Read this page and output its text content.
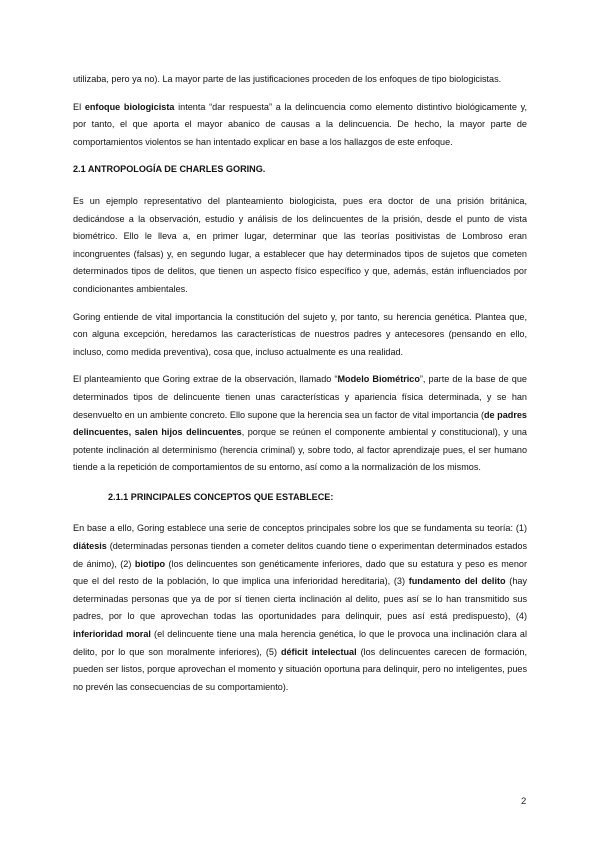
utilizaba, pero ya no). La mayor parte de las justificaciones proceden de los enfoques de tipo biologicistas.

El enfoque biologicista intenta “dar respuesta” a la delincuencia como elemento distintivo biológicamente y, por tanto, el que aporta el mayor abanico de causas a la delincuencia. De hecho, la mayor parte de comportamientos violentos se han intentado explicar en base a los hallazgos de este enfoque.

2.1 ANTROPOLOGÍA DE CHARLES GORING.

Es un ejemplo representativo del planteamiento biologicista, pues era doctor de una prisión británica, dedicándose a la observación, estudio y análisis de los delincuentes de la prisión, desde el punto de vista biométrico. Ello le lleva a, en primer lugar, determinar que las teorías positivistas de Lombroso eran incongruentes (falsas) y, en segundo lugar, a establecer que hay determinados tipos de sujetos que cometen determinados tipos de delitos, que tienen un aspecto físico específico y que, además, están influenciados por condicionantes ambientales.

Goring entiende de vital importancia la constitución del sujeto y, por tanto, su herencia genética. Plantea que, con alguna excepción, heredamos las características de nuestros padres y antecesores (pensando en ello, incluso, como medida preventiva), cosa que, incluso actualmente es una realidad.

El planteamiento que Goring extrae de la observación, llamado “Modelo Biométrico”, parte de la base de que determinados tipos de delincuente tienen unas características y apariencia física determinada, y se han desenvuelto en un ambiente concreto. Ello supone que la herencia sea un factor de vital importancia (de padres delincuentes, salen hijos delincuentes, porque se reúnen el componente ambiental y constitucional), y una potente inclinación al determinismo (herencia criminal) y, sobre todo, al factor aprendizaje pues, el ser humano tiende a la repetición de comportamientos de su entorno, así como a la normalización de los mismos.

2.1.1 PRINCIPALES CONCEPTOS QUE ESTABLECE:

En base a ello, Goring establece una serie de conceptos principales sobre los que se fundamenta su teoría: (1) diátesis (determinadas personas tienden a cometer delitos cuando tiene o experimentan determinados estados de ánimo), (2) biotipo (los delincuentes son genéticamente inferiores, dado que su estatura y peso es menor que el del resto de la población, lo que implica una inferioridad hereditaria), (3) fundamento del delito (hay determinadas personas que ya de por sí tienen cierta inclinación al delito, pues así se lo han transmitido sus padres, por lo que aprovechan todas las oportunidades para delinquir, pues así está predispuesto), (4) inferioridad moral (el delincuente tiene una mala herencia genética, lo que le provoca una inclinación clara al delito, por lo que son moralmente inferiores), (5) déficit intelectual (los delincuentes carecen de formación, pueden ser listos, porque aprovechan el momento y situación oportuna para delinquir, pero no inteligentes, pues no prevén las consecuencias de su comportamiento).

2
